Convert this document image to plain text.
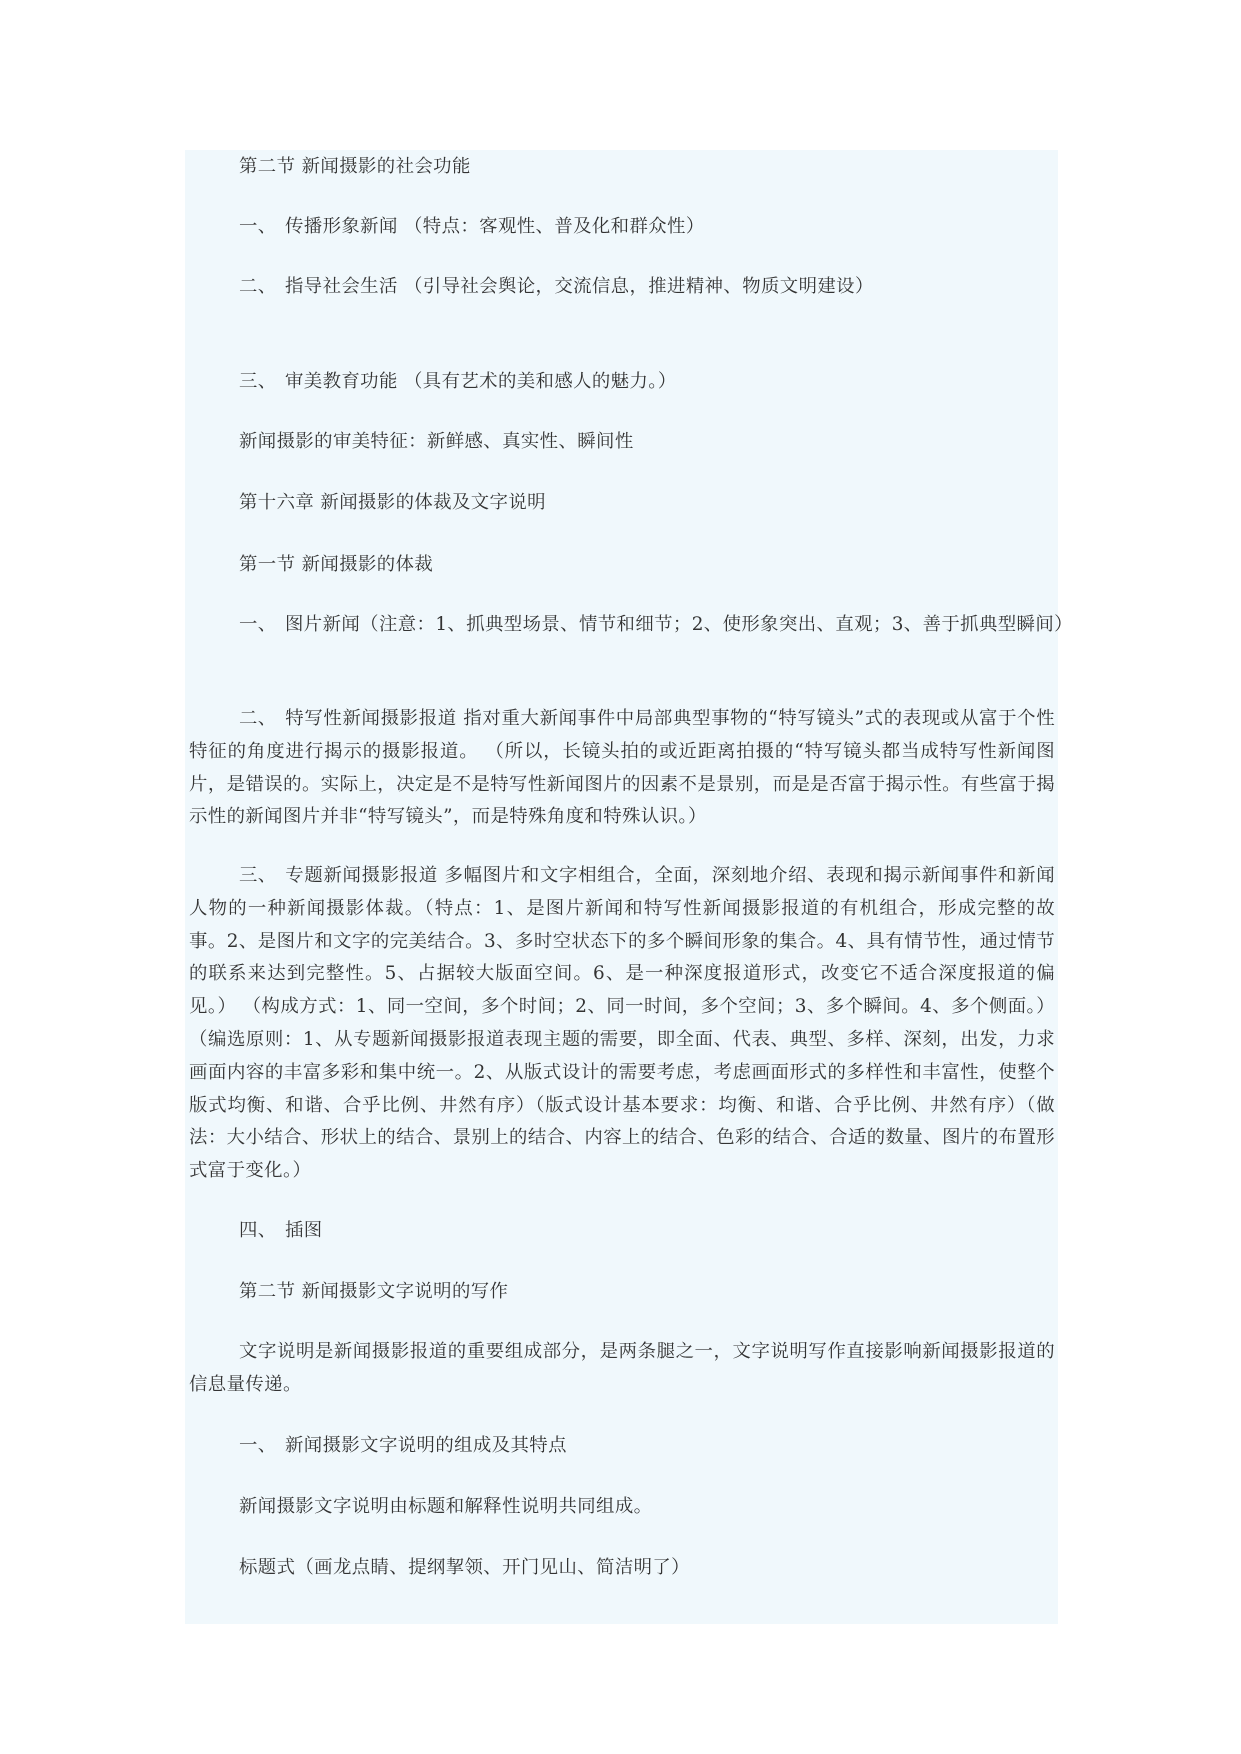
第二节 新闻摄影的社会功能

一、 传播形象新闻 （特点：客观性、普及化和群众性）

二、 指导社会生活 （引导社会舆论，交流信息，推进精神、物质文明建设）

三、 审美教育功能 （具有艺术的美和感人的魅力。）

新闻摄影的审美特征：新鲜感、真实性、瞬间性

第十六章 新闻摄影的体裁及文字说明

第一节 新闻摄影的体裁

一、 图片新闻（注意：1、抓典型场景、情节和细节；2、使形象突出、直观；3、善于抓典型瞬间）

二、 特写性新闻摄影报道 指对重大新闻事件中局部典型事物的“特写镜头”式的表现或从富于个性特征的角度进行揭示的摄影报道。 （所以，长镜头拍的或近距离拍摄的“特写镜头都当成特写性新闻图片，是错误的。实际上，决定是不是特写性新闻图片的因素不是景别，而是是否富于揭示性。有些富于揭示性的新闻图片并非“特写镜头”，而是特殊角度和特殊认识。）

三、 专题新闻摄影报道 多幅图片和文字相组合，全面，深刻地介绍、表现和揭示新闻事件和新闻人物的一种新闻摄影体裁。（特点：1、是图片新闻和特写性新闻摄影报道的有机组合，形成完整的故事。2、是图片和文字的完美结合。3、多时空状态下的多个瞬间形象的集合。4、具有情节性，通过情节的联系来达到完整性。5、占据较大版面空间。6、是一种深度报道形式，改变它不适合深度报道的偏见。） （构成方式：1、同一空间，多个时间；2、同一时间，多个空间；3、多个瞬间。4、多个侧面。）（编选原则：1、从专题新闻摄影报道表现主题的需要，即全面、代表、典型、多样、深刻，出发，力求画面内容的丰富多彩和集中统一。2、从版式设计的需要考虑，考虑画面形式的多样性和丰富性，使整个版式均衡、和谐、合乎比例、井然有序）（版式设计基本要求：均衡、和谐、合乎比例、井然有序）（做法：大小结合、形状上的结合、景别上的结合、内容上的结合、色彩的结合、合适的数量、图片的布置形式富于变化。）

四、 插图

第二节 新闻摄影文字说明的写作

文字说明是新闻摄影报道的重要组成部分，是两条腿之一，文字说明写作直接影响新闻摄影报道的信息量传递。

一、 新闻摄影文字说明的组成及其特点

新闻摄影文字说明由标题和解释性说明共同组成。

标题式（画龙点睛、提纲挈领、开门见山、简洁明了）
